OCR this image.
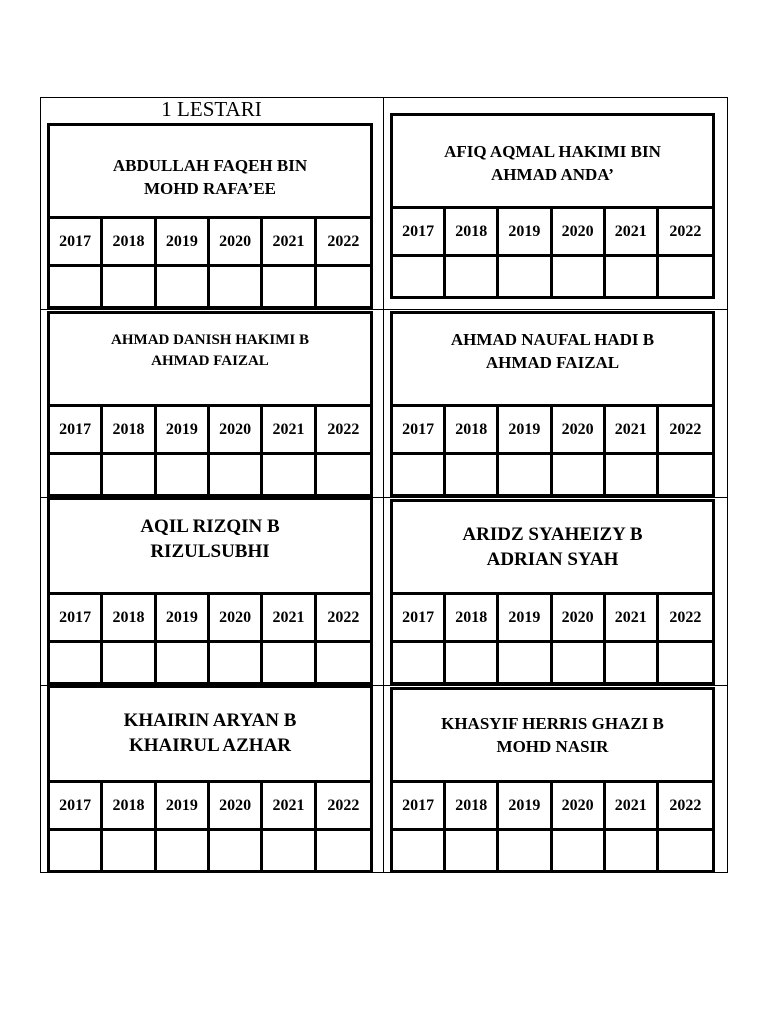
1 LESTARI
ABDULLAH FAQEH BIN
MOHD RAFA’EE
2017	2018	2019	2020	2021	2022
AFIQ AQMAL HAKIMI BIN
AHMAD ANDA’
2017	2018	2019	2020	2021	2022
AHMAD DANISH HAKIMI B
AHMAD FAIZAL
2017	2018	2019	2020	2021	2022
AHMAD NAUFAL HADI B
AHMAD FAIZAL
2017	2018	2019	2020	2021	2022
AQIL RIZQIN B
RIZULSUBHI
2017	2018	2019	2020	2021	2022
ARIDZ SYAHEIZY B
ADRIAN SYAH
2017	2018	2019	2020	2021	2022
KHAIRIN ARYAN B
KHAIRUL AZHAR
2017	2018	2019	2020	2021	2022
KHASYIF HERRIS GHAZI B
MOHD NASIR
2017	2018	2019	2020	2021	2022
